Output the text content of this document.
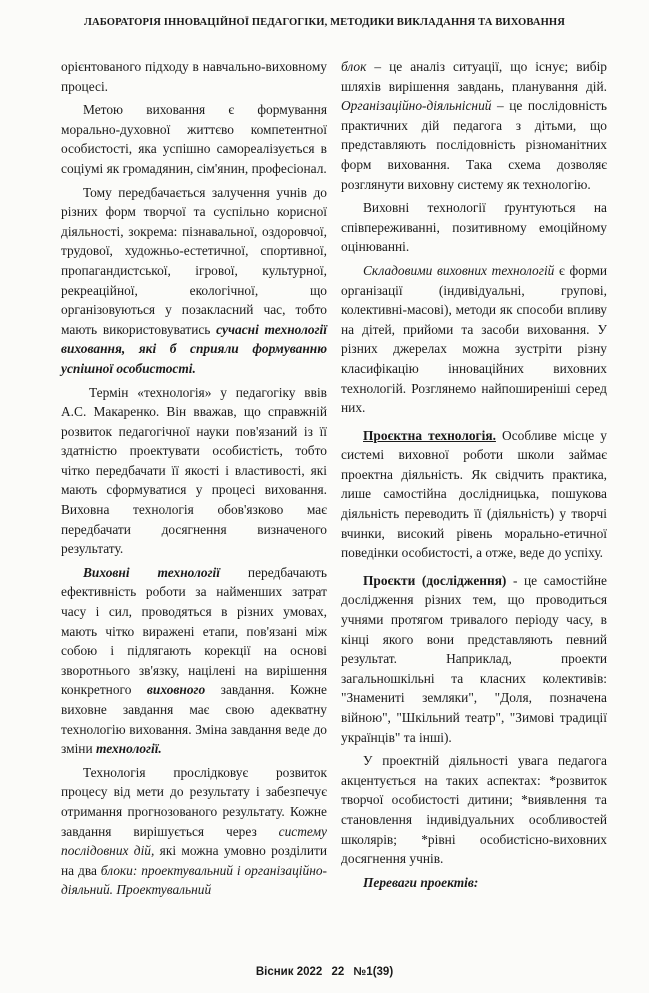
ЛАБОРАТОРІЯ ІННОВАЦІЙНОЇ ПЕДАГОГІКИ, МЕТОДИКИ ВИКЛАДАННЯ ТА ВИХОВАННЯ

орієнтованого підходу в навчально-виховному процесі.

Метою виховання є формування морально-духовної життєво компетентної особистості, яка успішно самореалізується в соціумі як громадянин, сім'янин, професіонал.

Тому передбачається залучення учнів до різних форм творчої та суспільно корисної діяльності, зокрема: пізнавальної, оздоровчої, трудової, художньо-естетичної, спортивної, пропагандистської, ігрової, культурної, рекреаційної, екологічної, що організовуються у позакласний час, тобто мають використовуватись сучасні технології виховання, які б сприяли формуванню успішної особистості.

Термін «технологія» у педагогіку ввів А.С. Макаренко. Він вважав, що справжній розвиток педагогічної науки пов'язаний із її здатністю проектувати особистість, тобто чітко передбачати її якості і властивості, які мають сформуватися у процесі виховання. Виховна технологія обов'язково має передбачати досягнення визначеного результату.

Виховні технології передбачають ефективність роботи за найменших затрат часу і сил, проводяться в різних умовах, мають чітко виражені етапи, пов'язані між собою і підлягають корекції на основі зворотнього зв'язку, націлені на вирішення конкретного виховного завдання. Кожне виховне завдання має свою адекватну технологію виховання. Зміна завдання веде до зміни технології.

Технологія прослідковує розвиток процесу від мети до результату і забезпечує отримання прогнозованого результату. Кожне завдання вирішується через систему послідовних дій, які можна умовно розділити на два блоки: проектувальний і організаційно-діяльний. Проектувальний

блок – це аналіз ситуації, що існує; вибір шляхів вирішення завдань, планування дій. Організаційно-діяльнісний – це послідовність практичних дій педагога з дітьми, що представляють послідовність різноманітних форм виховання. Така схема дозволяє розглянути виховну систему як технологію.

Виховні технології ґрунтуються на співпереживанні, позитивному емоційному оцінюванні.

Складовими виховних технологій є форми організації (індивідуальні, групові, колективні-масові), методи як способи впливу на дітей, прийоми та засоби виховання. У різних джерелах можна зустріти різну класифікацію інноваційних виховних технологій. Розглянемо найпоширеніші серед них.

Проєктна технологія. Особливе місце у системі виховної роботи школи займає проектна діяльність. Як свідчить практика, лише самостійна дослідницька, пошукова діяльність переводить її (діяльність) у творчі вчинки, високий рівень морально-етичної поведінки особистості, а отже, веде до успіху.

Проєкти (дослідження) - це самостійне дослідження різних тем, що проводиться учнями протягом тривалого періоду часу, в кінці якого вони представляють певний результат. Наприклад, проекти загальношкільні та класних колективів: "Знамениті земляки", "Доля, позначена війною", "Шкільний театр", "Зимові традиції українців" та інші).

У проектній діяльності увага педагога акцентується на таких аспектах: *розвиток творчої особистості дитини; *виявлення та становлення індивідуальних особливостей школярів; *рівні особистісно-виховних досягнення учнів.

Переваги проектів:

Вісник 2022 22 №1(39)
